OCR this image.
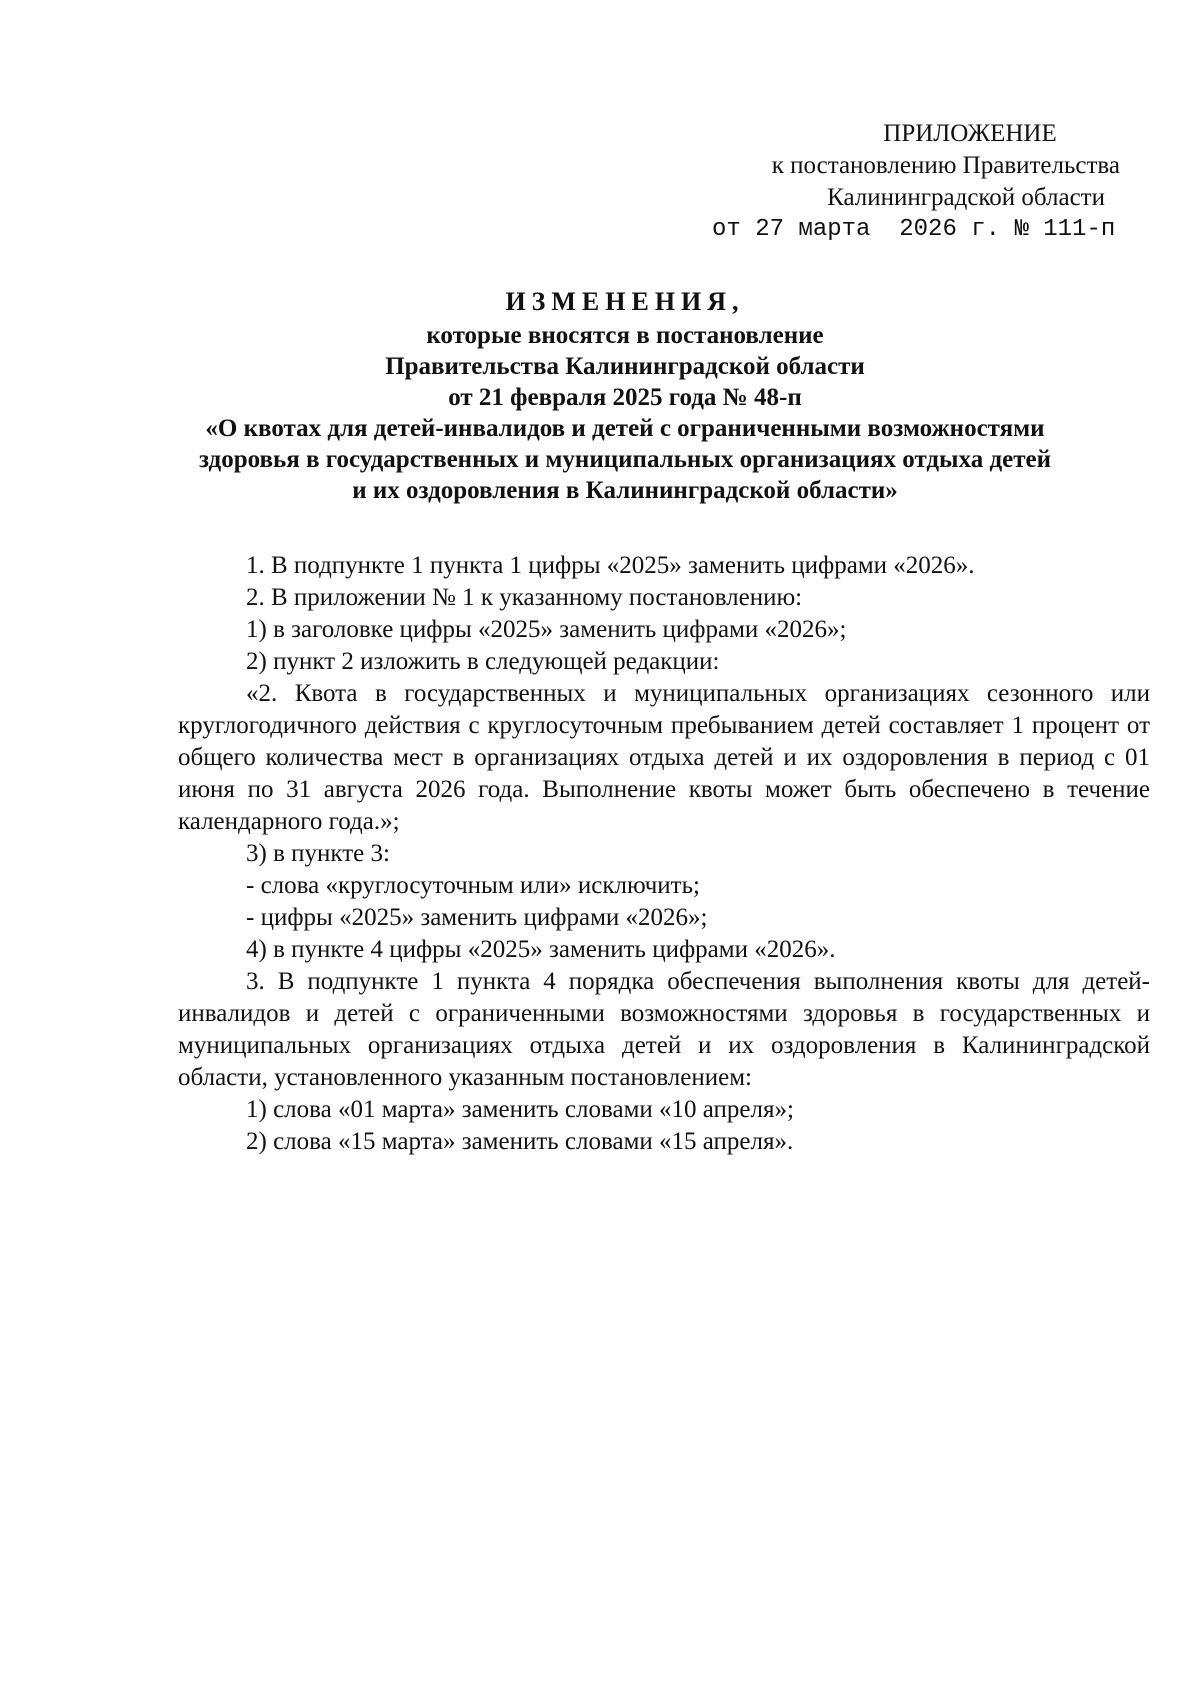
ПРИЛОЖЕНИЕ
к постановлению Правительства
Калининградской области
от 27 марта  2026 г. № 111-п
ИЗМЕНЕНИЯ,
которые вносятся в постановление
Правительства Калининградской области
от 21 февраля 2025 года № 48-п
«О квотах для детей-инвалидов и детей с ограниченными возможностями
здоровья в государственных и муниципальных организациях отдыха детей
и их оздоровления в Калининградской области»

1. В подпункте 1 пункта 1 цифры «2025» заменить цифрами «2026».

2. В приложении № 1 к указанному постановлению:

1) в заголовке цифры «2025» заменить цифрами «2026»;

2) пункт 2 изложить в следующей редакции:

«2. Квота в государственных и муниципальных организациях сезонного или круглогодичного действия с круглосуточным пребыванием детей составляет 1 процент от общего количества мест в организациях отдыха детей и их оздоровления в период с 01 июня по 31 августа 2026 года. Выполнение квоты может быть обеспечено в течение календарного года.»;

3) в пункте 3:

- слова «круглосуточным или» исключить;

- цифры «2025» заменить цифрами «2026»;

4) в пункте 4 цифры «2025» заменить цифрами «2026».

3. В подпункте 1 пункта 4 порядка обеспечения выполнения квоты для детей-инвалидов и детей с ограниченными возможностями здоровья в государственных и муниципальных организациях отдыха детей и их оздоровления в Калининградской области, установленного указанным постановлением:

1) слова «01 марта» заменить словами «10 апреля»;

2) слова «15 марта» заменить словами «15 апреля».
